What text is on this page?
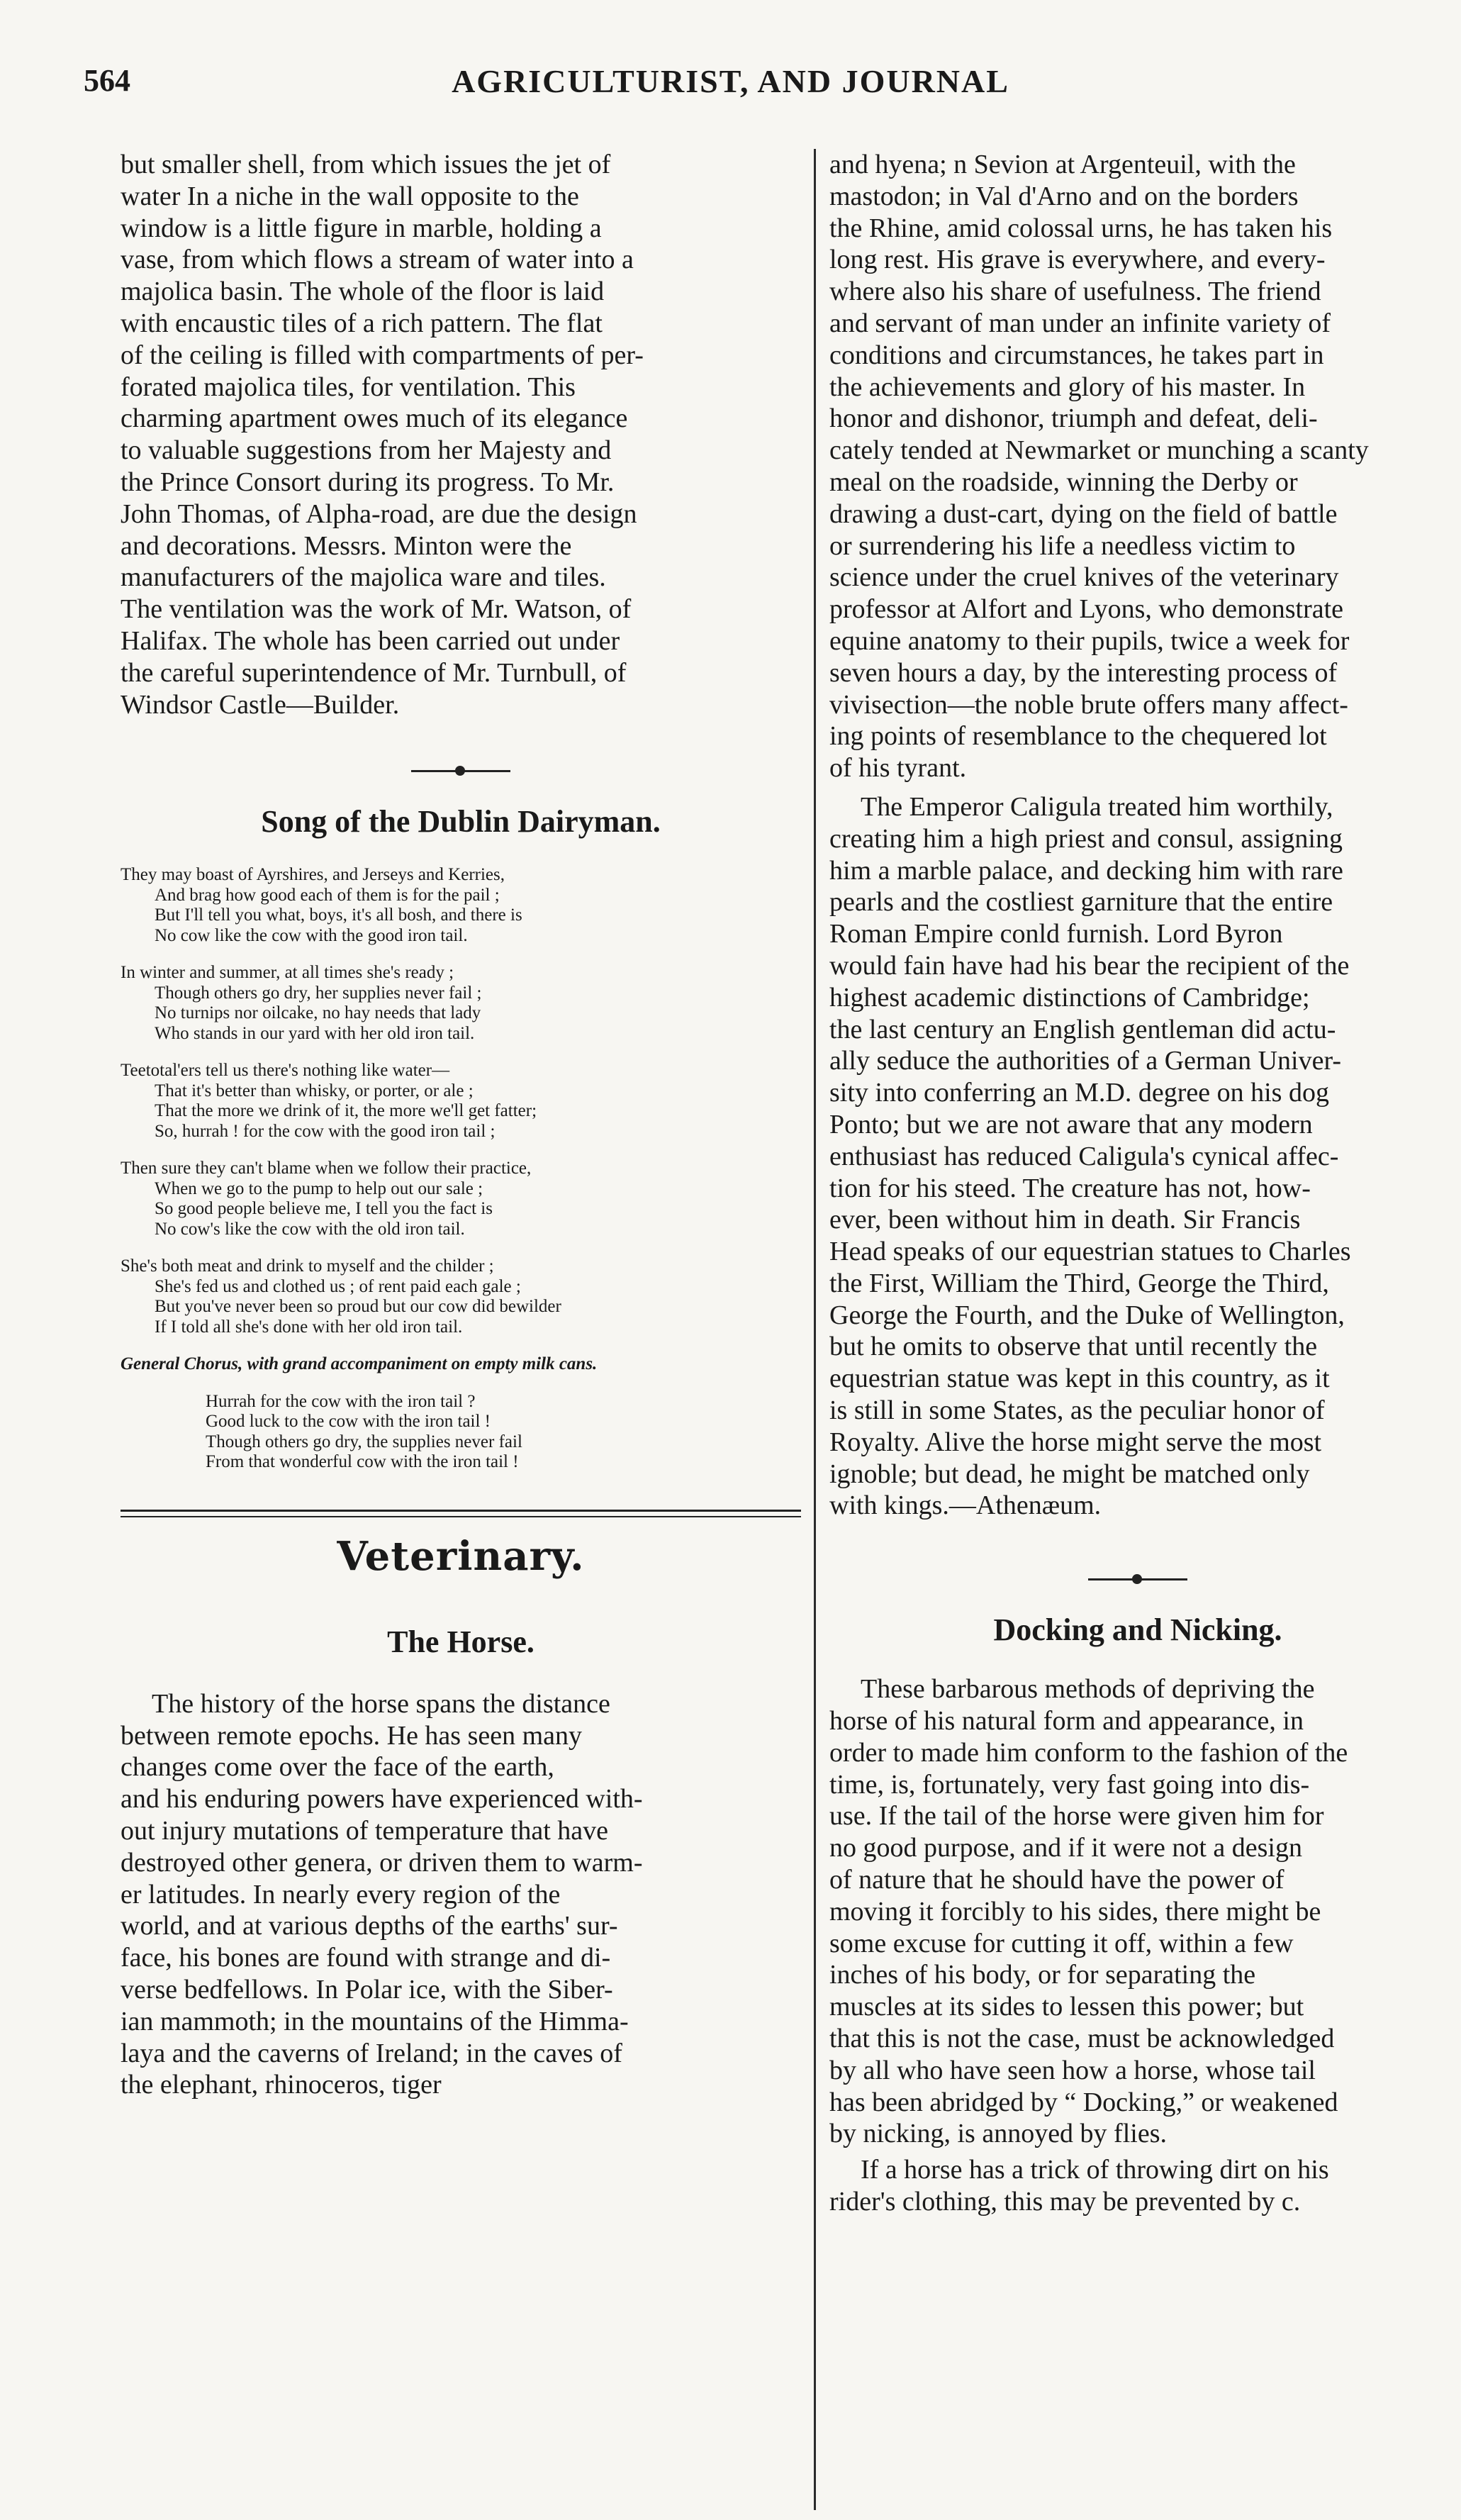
564	AGRICULTURIST, AND JOURNAL

but smaller shell, from which issues the jet of
water In a niche in the wall opposite to the
window is a little figure in marble, holding a
vase, from which flows a stream of water into a
majolica basin. The whole of the floor is laid
with encaustic tiles of a rich pattern. The flat
of the ceiling is filled with compartments of per-
forated majolica tiles, for ventilation. This
charming apartment owes much of its elegance
to valuable suggestions from her Majesty and
the Prince Consort during its progress. To Mr.
John Thomas, of Alpha-road, are due the design
and decorations. Messrs. Minton were the
manufacturers of the majolica ware and tiles.
The ventilation was the work of Mr. Watson, of
Halifax. The whole has been carried out under
the careful superintendence of Mr. Turnbull, of
Windsor Castle—Builder.

Song of the Dublin Dairyman.
They may boast of Ayrshires, and Jerseys and Kerries,
And brag how good each of them is for the pail ;
But I'll tell you what, boys, it's all bosh, and there is
No cow like the cow with the good iron tail.
In winter and summer, at all times she's ready ;
Though others go dry, her supplies never fail ;
No turnips nor oilcake, no hay needs that lady
Who stands in our yard with her old iron tail.
Teetotal'ers tell us there's nothing like water—
That it's better than whisky, or porter, or ale ;
That the more we drink of it, the more we'll get fatter;
So, hurrah ! for the cow with the good iron tail ;
Then sure they can't blame when we follow their practice,
When we go to the pump to help out our sale ;
So good people believe me, I tell you the fact is
No cow's like the cow with the old iron tail.
She's both meat and drink to myself and the childer ;
She's fed us and clothed us ; of rent paid each gale ;
But you've never been so proud but our cow did bewilder
If I told all she's done with her old iron tail.
General Chorus, with grand accompaniment on empty milk cans.
Hurrah for the cow with the iron tail ?
Good luck to the cow with the iron tail !
Though others go dry, the supplies never fail
From that wonderful cow with the iron tail !
Veterinary.
The Horse.

The history of the horse spans the distance
between remote epochs. He has seen many
changes come over the face of the earth,
and his enduring powers have experienced with-
out injury mutations of temperature that have
destroyed other genera, or driven them to warm-
er latitudes. In nearly every region of the
world, and at various depths of the earths' sur-
face, his bones are found with strange and di-
verse bedfellows. In Polar ice, with the Siber-
ian mammoth; in the mountains of the Himma-
laya and the caverns of Ireland; in the caves of
the elephant, rhinoceros, tiger

and hyena; n Sevion at Argenteuil, with the
mastodon; in Val d'Arno and on the borders
the Rhine, amid colossal urns, he has taken his
long rest. His grave is everywhere, and every-
where also his share of usefulness. The friend
and servant of man under an infinite variety of
conditions and circumstances, he takes part in
the achievements and glory of his master. In
honor and dishonor, triumph and defeat, deli-
cately tended at Newmarket or munching a scanty
meal on the roadside, winning the Derby or
drawing a dust-cart, dying on the field of battle
or surrendering his life a needless victim to
science under the cruel knives of the veterinary
professor at Alfort and Lyons, who demonstrate
equine anatomy to their pupils, twice a week for
seven hours a day, by the interesting process of
vivisection—the noble brute offers many affect-
ing points of resemblance to the chequered lot
of his tyrant.

The Emperor Caligula treated him worthily,
creating him a high priest and consul, assigning
him a marble palace, and decking him with rare
pearls and the costliest garniture that the entire
Roman Empire conld furnish. Lord Byron
would fain have had his bear the recipient of the
highest academic distinctions of Cambridge;
the last century an English gentleman did actu-
ally seduce the authorities of a German Univer-
sity into conferring an M.D. degree on his dog
Ponto; but we are not aware that any modern
enthusiast has reduced Caligula's cynical affec-
tion for his steed. The creature has not, how-
ever, been without him in death. Sir Francis
Head speaks of our equestrian statues to Charles
the First, William the Third, George the Third,
George the Fourth, and the Duke of Wellington,
but he omits to observe that until recently the
equestrian statue was kept in this country, as it
is still in some States, as the peculiar honor of
Royalty. Alive the horse might serve the most
ignoble; but dead, he might be matched only
with kings.—Athenæum.

Docking and Nicking.

These barbarous methods of depriving the
horse of his natural form and appearance, in
order to made him conform to the fashion of the
time, is, fortunately, very fast going into dis-
use. If the tail of the horse were given him for
no good purpose, and if it were not a design
of nature that he should have the power of
moving it forcibly to his sides, there might be
some excuse for cutting it off, within a few
inches of his body, or for separating the
muscles at its sides to lessen this power; but
that this is not the case, must be acknowledged
by all who have seen how a horse, whose tail
has been abridged by “ Docking,” or weakened
by nicking, is annoyed by flies.

If a horse has a trick of throwing dirt on his
rider's clothing, this may be prevented by c.
